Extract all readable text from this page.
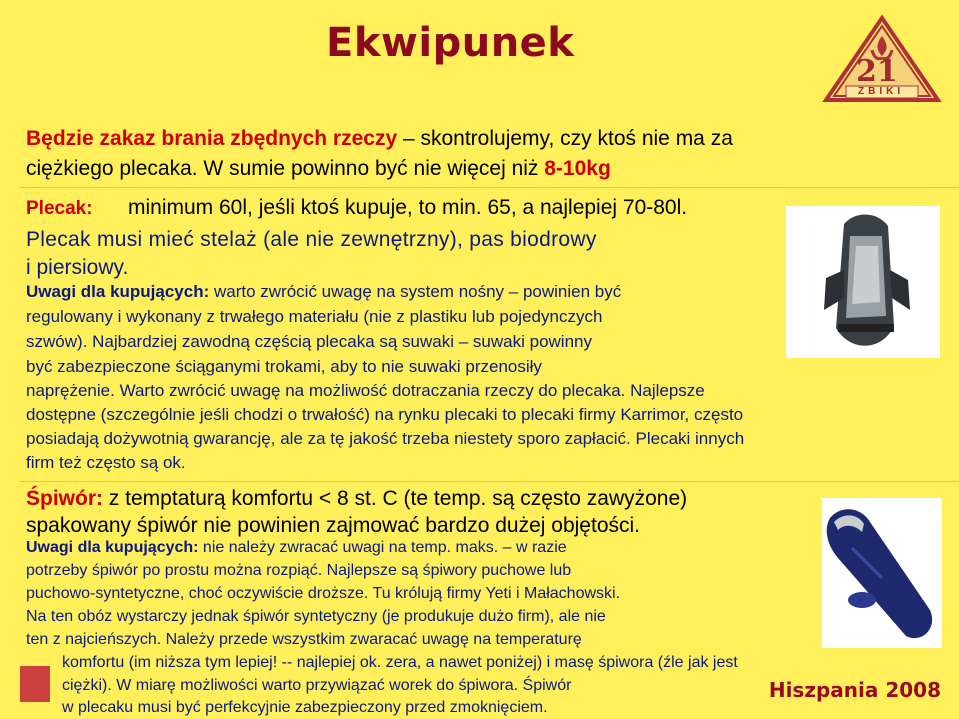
Ekwipunek
21
ŻBIKI
Będzie zakaz brania zbędnych rzeczy – skontrolujemy, czy ktoś nie ma za
ciężkiego plecaka. W sumie powinno być nie więcej niż 8-10kg
Plecak: minimum 60l, jeśli ktoś kupuje, to min. 65, a najlepiej 70-80l.
Plecak musi mieć stelaż (ale nie zewnętrzny), pas biodrowy
i piersiowy.
Uwagi dla kupujących: warto zwrócić uwagę na system nośny – powinien być
regulowany i wykonany z trwałego materiału (nie z plastiku lub pojedynczych
szwów). Najbardziej zawodną częścią plecaka są suwaki – suwaki powinny
być zabezpieczone ściąganymi trokami, aby to nie suwaki przenosiły
naprężenie. Warto zwrócić uwagę na możliwość dotraczania rzeczy do plecaka. Najlepsze
dostępne (szczególnie jeśli chodzi o trwałość) na rynku plecaki to plecaki firmy Karrimor, często
posiadają dożywotnią gwarancję, ale za tę jakość trzeba niestety sporo zapłacić. Plecaki innych
firm też często są ok.
Śpiwór: z temptaturą komfortu < 8 st. C (te temp. są często zawyżone)
spakowany śpiwór nie powinien zajmować bardzo dużej objętości.
Uwagi dla kupujących: nie należy zwracać uwagi na temp. maks. – w razie
potrzeby śpiwór po prostu można rozpiąć. Najlepsze są śpiwory puchowe lub
puchowo-syntetyczne, choć oczywiście droższe. Tu królują firmy Yeti i Małachowski.
Na ten obóz wystarczy jednak śpiwór syntetyczny (je produkuje dużo firm), ale nie
ten z najcieńszych. Należy przede wszystkim zwaracać uwagę na temperaturę
komfortu (im niższa tym lepiej! -- najlepiej ok. zera, a nawet poniżej) i masę śpiwora (źle jak jest
ciężki). W miarę możliwości warto przywiązać worek do śpiwora. Śpiwór
w plecaku musi być perfekcyjnie zabezpieczony przed zmoknięciem.
Hiszpania 2008
